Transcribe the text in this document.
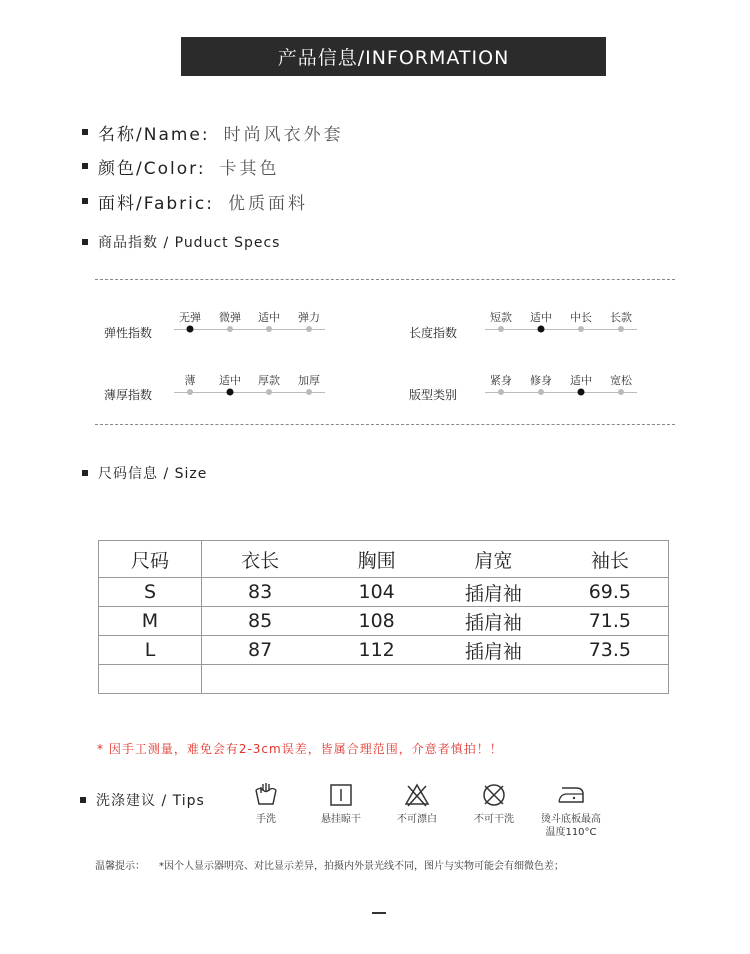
产品信息/INFORMATION
名称/Name: 时尚风衣外套
颜色/Color: 卡其色
面料/Fabric: 优质面料
商品指数 / Puduct Specs
弹性指数
无弹 微弹 适中 弹力
长度指数
短款 适中 中长 长款
薄厚指数
薄 适中 厚款 加厚
版型类别
紧身 修身 适中 宽松
尺码信息 / Size
尺码	衣长	胸围	肩宽	袖长
S	83	104	插肩袖	69.5
M	85	108	插肩袖	71.5
L	87	112	插肩袖	73.5

* 因手工测量，难免会有2-3cm误差，皆属合理范围，介意者慎拍！！
洗涤建议 / Tips
手洗	悬挂晾干	不可漂白	不可干洗	烫斗底板最高
温度110°C
温馨提示： *因个人显示器明亮、对比显示差异，拍摄内外景光线不同，图片与实物可能会有细微色差；
